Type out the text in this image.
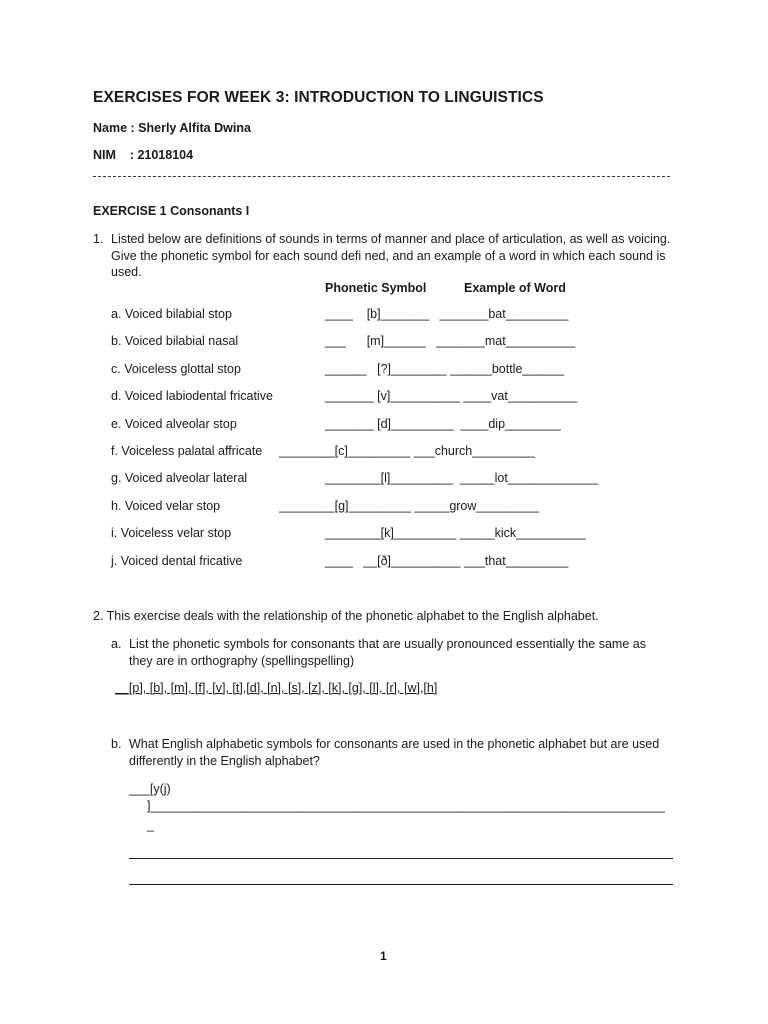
EXERCISES FOR WEEK 3: INTRODUCTION TO LINGUISTICS
Name : Sherly Alfita Dwina
NIM    : 21018104
EXERCISE 1 Consonants I
1. Listed below are definitions of sounds in terms of manner and place of articulation, as well as voicing. Give the phonetic symbol for each sound defi ned, and an example of a word in which each sound is used.
Phonetic Symbol	Example of Word
a. Voiced bilabial stop	____    [b]_______   _______bat_________
b. Voiced bilabial nasal	___      [m]______   _______mat__________
c. Voiceless glottal stop	______   [?]________ ______bottle______
d. Voiced labiodental fricative	_______ [v]__________ ____vat__________
e. Voiced alveolar stop	_______ [d]_________  ____dip________
f. Voiceless palatal affricate ________[c]_________ ___church_________
g. Voiced alveolar lateral	________[l]_________  _____lot_____________
h. Voiced velar stop	________[g]_________ _____grow_________
i. Voiceless velar stop	________[k]_________ _____kick__________
j. Voiced dental fricative	____   __[ð]__________ ___that_________
2. This exercise deals with the relationship of the phonetic alphabet to the English alphabet.
a. List the phonetic symbols for consonants that are usually pronounced essentially the same as they are in orthography (spellingspelling)
__[p], [b], [m], [f], [v], [t],[d], [n], [s], [z], [k], [g], [l], [r], [w],[h]
b. What English alphabetic symbols for consonants are used in the phonetic alphabet but are used differently in the English alphabet?
___[y(j)
]__________________________________________________________________________
_
1
